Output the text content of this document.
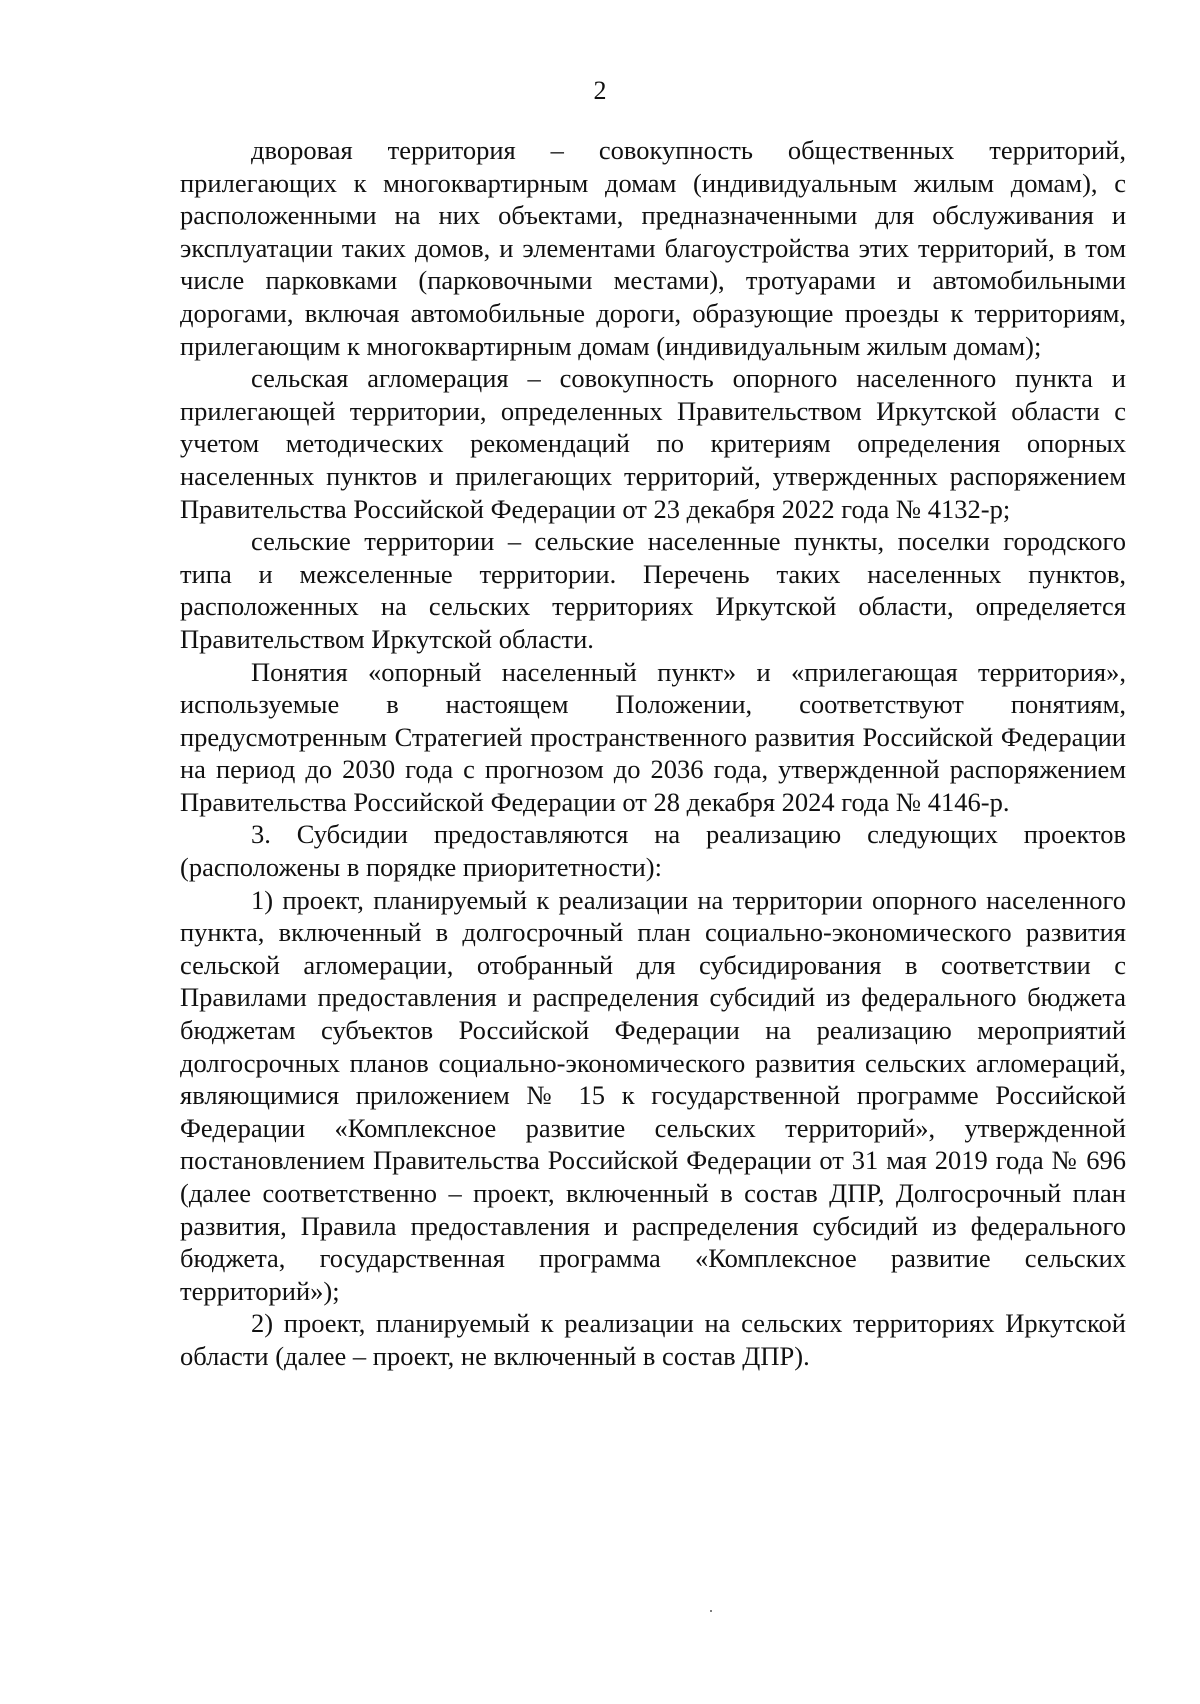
2

дворовая территория – совокупность общественных территорий, прилегающих к многоквартирным домам (индивидуальным жилым домам), с расположенными на них объектами, предназначенными для обслуживания и эксплуатации таких домов, и элементами благоустройства этих территорий, в том числе парковками (парковочными местами), тротуарами и автомобильными дорогами, включая автомобильные дороги, образующие проезды к территориям, прилегающим к многоквартирным домам (индивидуальным жилым домам);

сельская агломерация – совокупность опорного населенного пункта и прилегающей территории, определенных Правительством Иркутской области с учетом методических рекомендаций по критериям определения опорных населенных пунктов и прилегающих территорий, утвержденных распоряжением Правительства Российской Федерации от 23 декабря 2022 года № 4132-р;

сельские территории – сельские населенные пункты, поселки городского типа и межселенные территории. Перечень таких населенных пунктов, расположенных на сельских территориях Иркутской области, определяется Правительством Иркутской области.

Понятия «опорный населенный пункт» и «прилегающая территория», используемые в настоящем Положении, соответствуют понятиям, предусмотренным Стратегией пространственного развития Российской Федерации на период до 2030 года с прогнозом до 2036 года, утвержденной распоряжением Правительства Российской Федерации от 28 декабря 2024 года № 4146-р.

3. Субсидии предоставляются на реализацию следующих проектов (расположены в порядке приоритетности):

1) проект, планируемый к реализации на территории опорного населенного пункта, включенный в долгосрочный план социально-экономического развития сельской агломерации, отобранный для субсидирования в соответствии с Правилами предоставления и распределения субсидий из федерального бюджета бюджетам субъектов Российской Федерации на реализацию мероприятий долгосрочных планов социально-экономического развития сельских агломераций, являющимися приложением № 15 к государственной программе Российской Федерации «Комплексное развитие сельских территорий», утвержденной постановлением Правительства Российской Федерации от 31 мая 2019 года № 696 (далее соответственно – проект, включенный в состав ДПР, Долгосрочный план развития, Правила предоставления и распределения субсидий из федерального бюджета, государственная программа «Комплексное развитие сельских территорий»);

2) проект, планируемый к реализации на сельских территориях Иркутской области (далее – проект, не включенный в состав ДПР).
